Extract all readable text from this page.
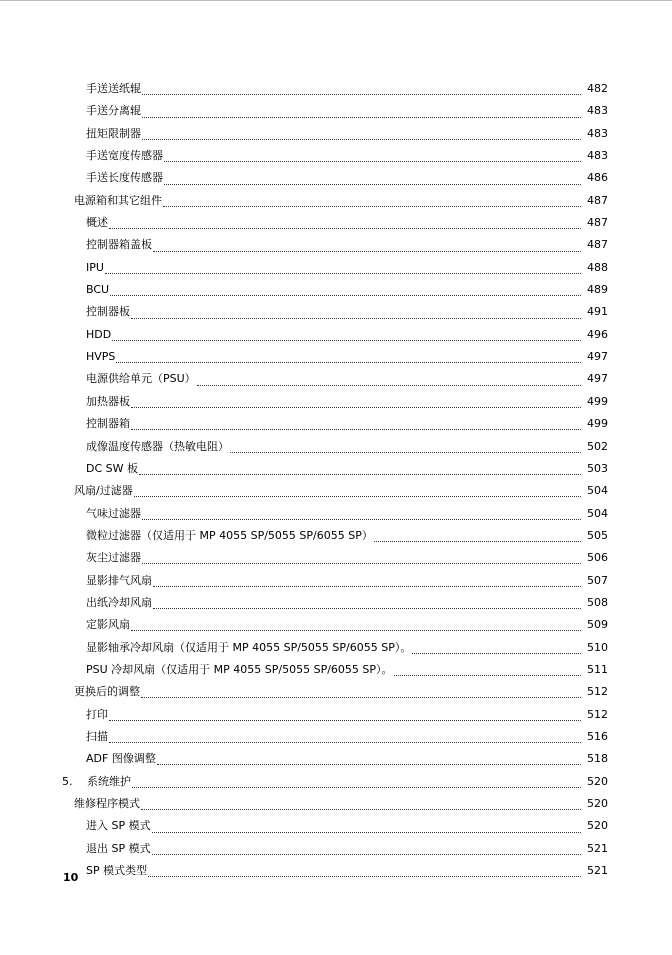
手送送纸辊	482
手送分离辊	483
扭矩限制器	483
手送宽度传感器	483
手送长度传感器	486
电源箱和其它组件	487
概述	487
控制器箱盖板	487
IPU	488
BCU	489
控制器板	491
HDD	496
HVPS	497
电源供给单元（PSU）	497
加热器板	499
控制器箱	499
成像温度传感器（热敏电阻）	502
DC SW 板	503
风扇/过滤器	504
气味过滤器	504
微粒过滤器（仅适用于 MP 4055 SP/5055 SP/6055 SP）	505
灰尘过滤器	506
显影排气风扇	507
出纸冷却风扇	508
定影风扇	509
显影轴承冷却风扇（仅适用于 MP 4055 SP/5055 SP/6055 SP）。	510
PSU 冷却风扇（仅适用于 MP 4055 SP/5055 SP/6055 SP）。	511
更换后的调整	512
打印	512
扫描	516
ADF 图像调整	518
5.	系统维护	520
维修程序模式	520
进入 SP 模式	520
退出 SP 模式	521
SP 模式类型	521
10
